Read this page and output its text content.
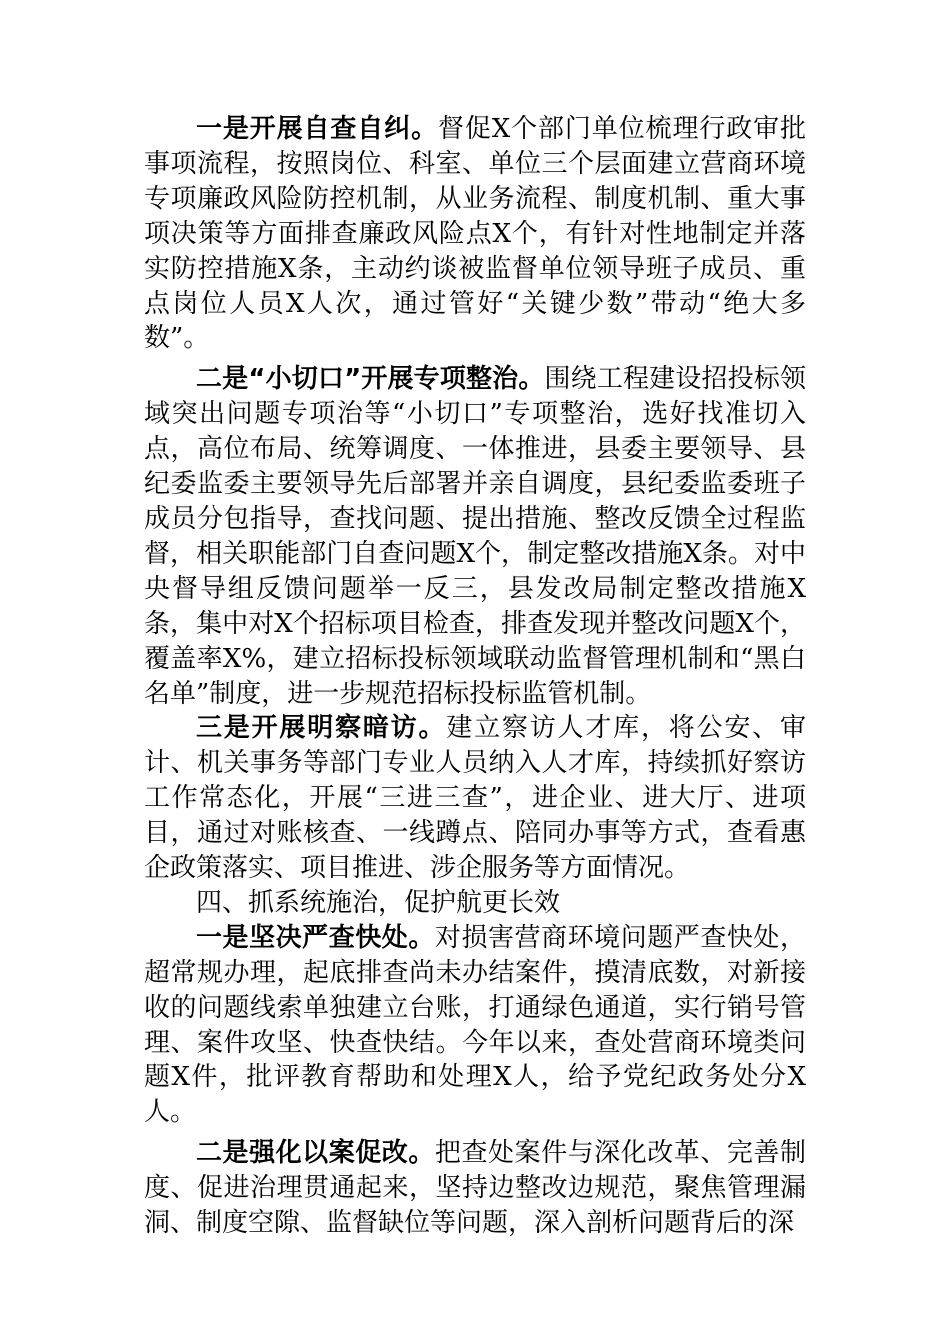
一是开展自查自纠。督促X个部门单位梳理行政审批事项流程，按照岗位、科室、单位三个层面建立营商环境专项廉政风险防控机制，从业务流程、制度机制、重大事项决策等方面排查廉政风险点X个，有针对性地制定并落实防控措施X条，主动约谈被监督单位领导班子成员、重点岗位人员X人次，通过管好“关键少数”带动“绝大多数”。

二是“小切口”开展专项整治。围绕工程建设招投标领域突出问题专项治等“小切口”专项整治，选好找准切入点，高位布局、统筹调度、一体推进，县委主要领导、县纪委监委主要领导先后部署并亲自调度，县纪委监委班子成员分包指导，查找问题、提出措施、整改反馈全过程监督，相关职能部门自查问题X个，制定整改措施X条。对中央督导组反馈问题举一反三，县发改局制定整改措施X条，集中对X个招标项目检查，排查发现并整改问题X个，覆盖率X%，建立招标投标领域联动监督管理机制和“黑白名单”制度，进一步规范招标投标监管机制。

三是开展明察暗访。建立察访人才库，将公安、审计、机关事务等部门专业人员纳入人才库，持续抓好察访工作常态化，开展“三进三查”，进企业、进大厅、进项目，通过对账核查、一线蹲点、陪同办事等方式，查看惠企政策落实、项目推进、涉企服务等方面情况。

四、抓系统施治，促护航更长效

一是坚决严查快处。对损害营商环境问题严查快处，超常规办理，起底排查尚未办结案件，摸清底数，对新接收的问题线索单独建立台账，打通绿色通道，实行销号管理、案件攻坚、快查快结。今年以来，查处营商环境类问题X件，批评教育帮助和处理X人，给予党纪政务处分X人。

二是强化以案促改。把查处案件与深化改革、完善制度、促进治理贯通起来，坚持边整改边规范，聚焦管理漏洞、制度空隙、监督缺位等问题，深入剖析问题背后的深
